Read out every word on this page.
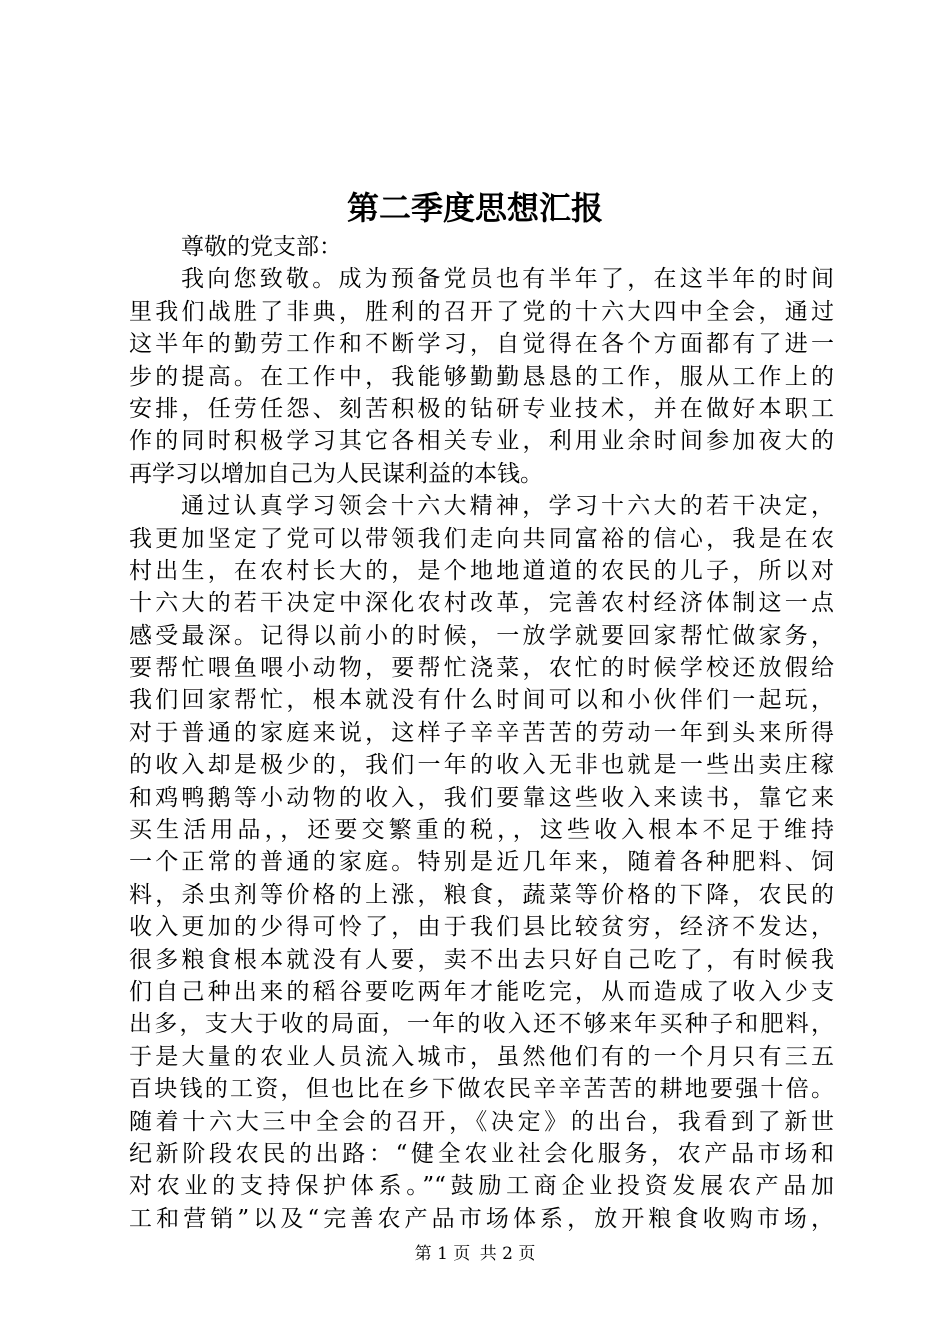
第二季度思想汇报
尊敬的党支部：
我向您致敬。成为预备党员也有半年了，在这半年的时间
里我们战胜了非典，胜利的召开了党的十六大四中全会，通过
这半年的勤劳工作和不断学习，自觉得在各个方面都有了进一
步的提高。在工作中，我能够勤勤恳恳的工作，服从工作上的
安排，任劳任怨、刻苦积极的钻研专业技术，并在做好本职工
作的同时积极学习其它各相关专业，利用业余时间参加夜大的
再学习以增加自己为人民谋利益的本钱。
通过认真学习领会十六大精神，学习十六大的若干决定，
我更加坚定了党可以带领我们走向共同富裕的信心，我是在农
村出生，在农村长大的，是个地地道道的农民的儿子，所以对
十六大的若干决定中深化农村改革，完善农村经济体制这一点
感受最深。记得以前小的时候，一放学就要回家帮忙做家务，
要帮忙喂鱼喂小动物，要帮忙浇菜，农忙的时候学校还放假给
我们回家帮忙，根本就没有什么时间可以和小伙伴们一起玩，
对于普通的家庭来说，这样子辛辛苦苦的劳动一年到头来所得
的收入却是极少的，我们一年的收入无非也就是一些出卖庄稼
和鸡鸭鹅等小动物的收入，我们要靠这些收入来读书，靠它来
买生活用品，，还要交繁重的税，，这些收入根本不足于维持
一个正常的普通的家庭。特别是近几年来，随着各种肥料、饲
料，杀虫剂等价格的上涨，粮食，蔬菜等价格的下降，农民的
收入更加的少得可怜了，由于我们县比较贫穷，经济不发达，
很多粮食根本就没有人要，卖不出去只好自己吃了，有时候我
们自己种出来的稻谷要吃两年才能吃完，从而造成了收入少支
出多，支大于收的局面，一年的收入还不够来年买种子和肥料，
于是大量的农业人员流入城市，虽然他们有的一个月只有三五
百块钱的工资，但也比在乡下做农民辛辛苦苦的耕地要强十倍。
随着十六大三中全会的召开，《决定》的出台，我看到了新世
纪新阶段农民的出路：“健全农业社会化服务，农产品市场和
对农业的支持保护体系。”“鼓励工商企业投资发展农产品加
工和营销”以及“完善农产品市场体系，放开粮食收购市场，
第 1 页 共 2 页
